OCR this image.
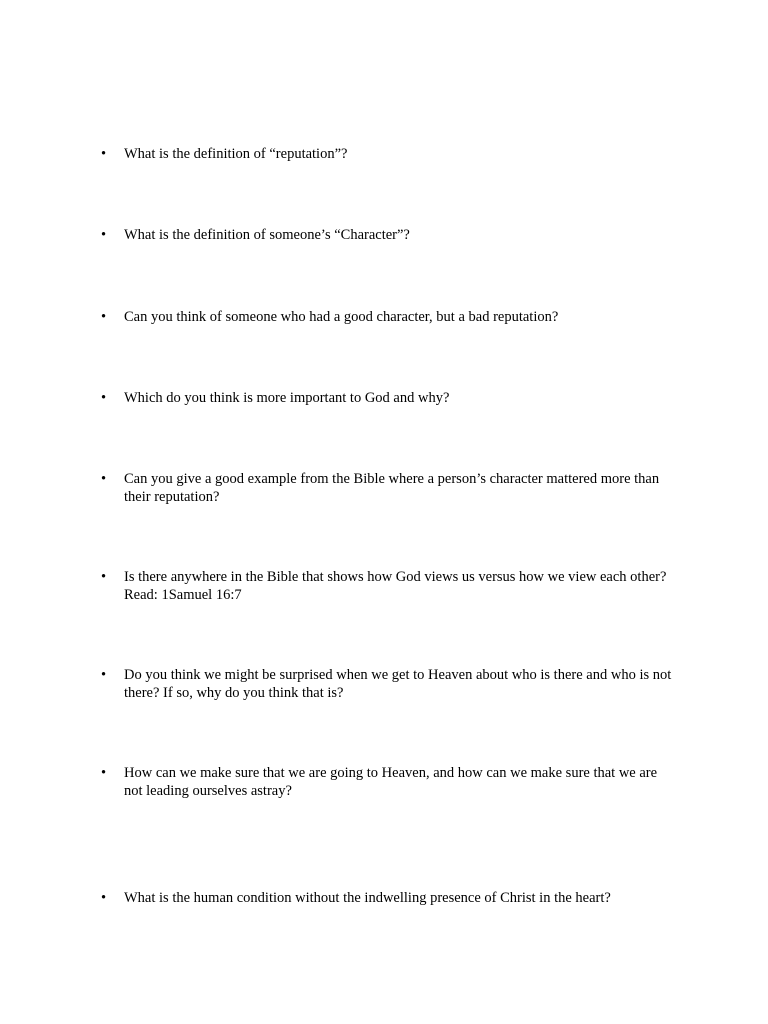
•	What is the definition of “reputation”?
•	What is the definition of someone’s “Character”?
•	Can you think of someone who had a good character, but a bad reputation?
•	Which do you think is more important to God and why?
•	Can you give a good example from the Bible where a person’s character mattered more than their reputation?
•	Is there anywhere in the Bible that shows how God views us versus how we view each other? Read: 1Samuel 16:7
•	Do you think we might be surprised when we get to Heaven about who is there and who is not there? If so, why do you think that is?
•	How can we make sure that we are going to Heaven, and how can we make sure that we are not leading ourselves astray?
•	What is the human condition without the indwelling presence of Christ in the heart?
